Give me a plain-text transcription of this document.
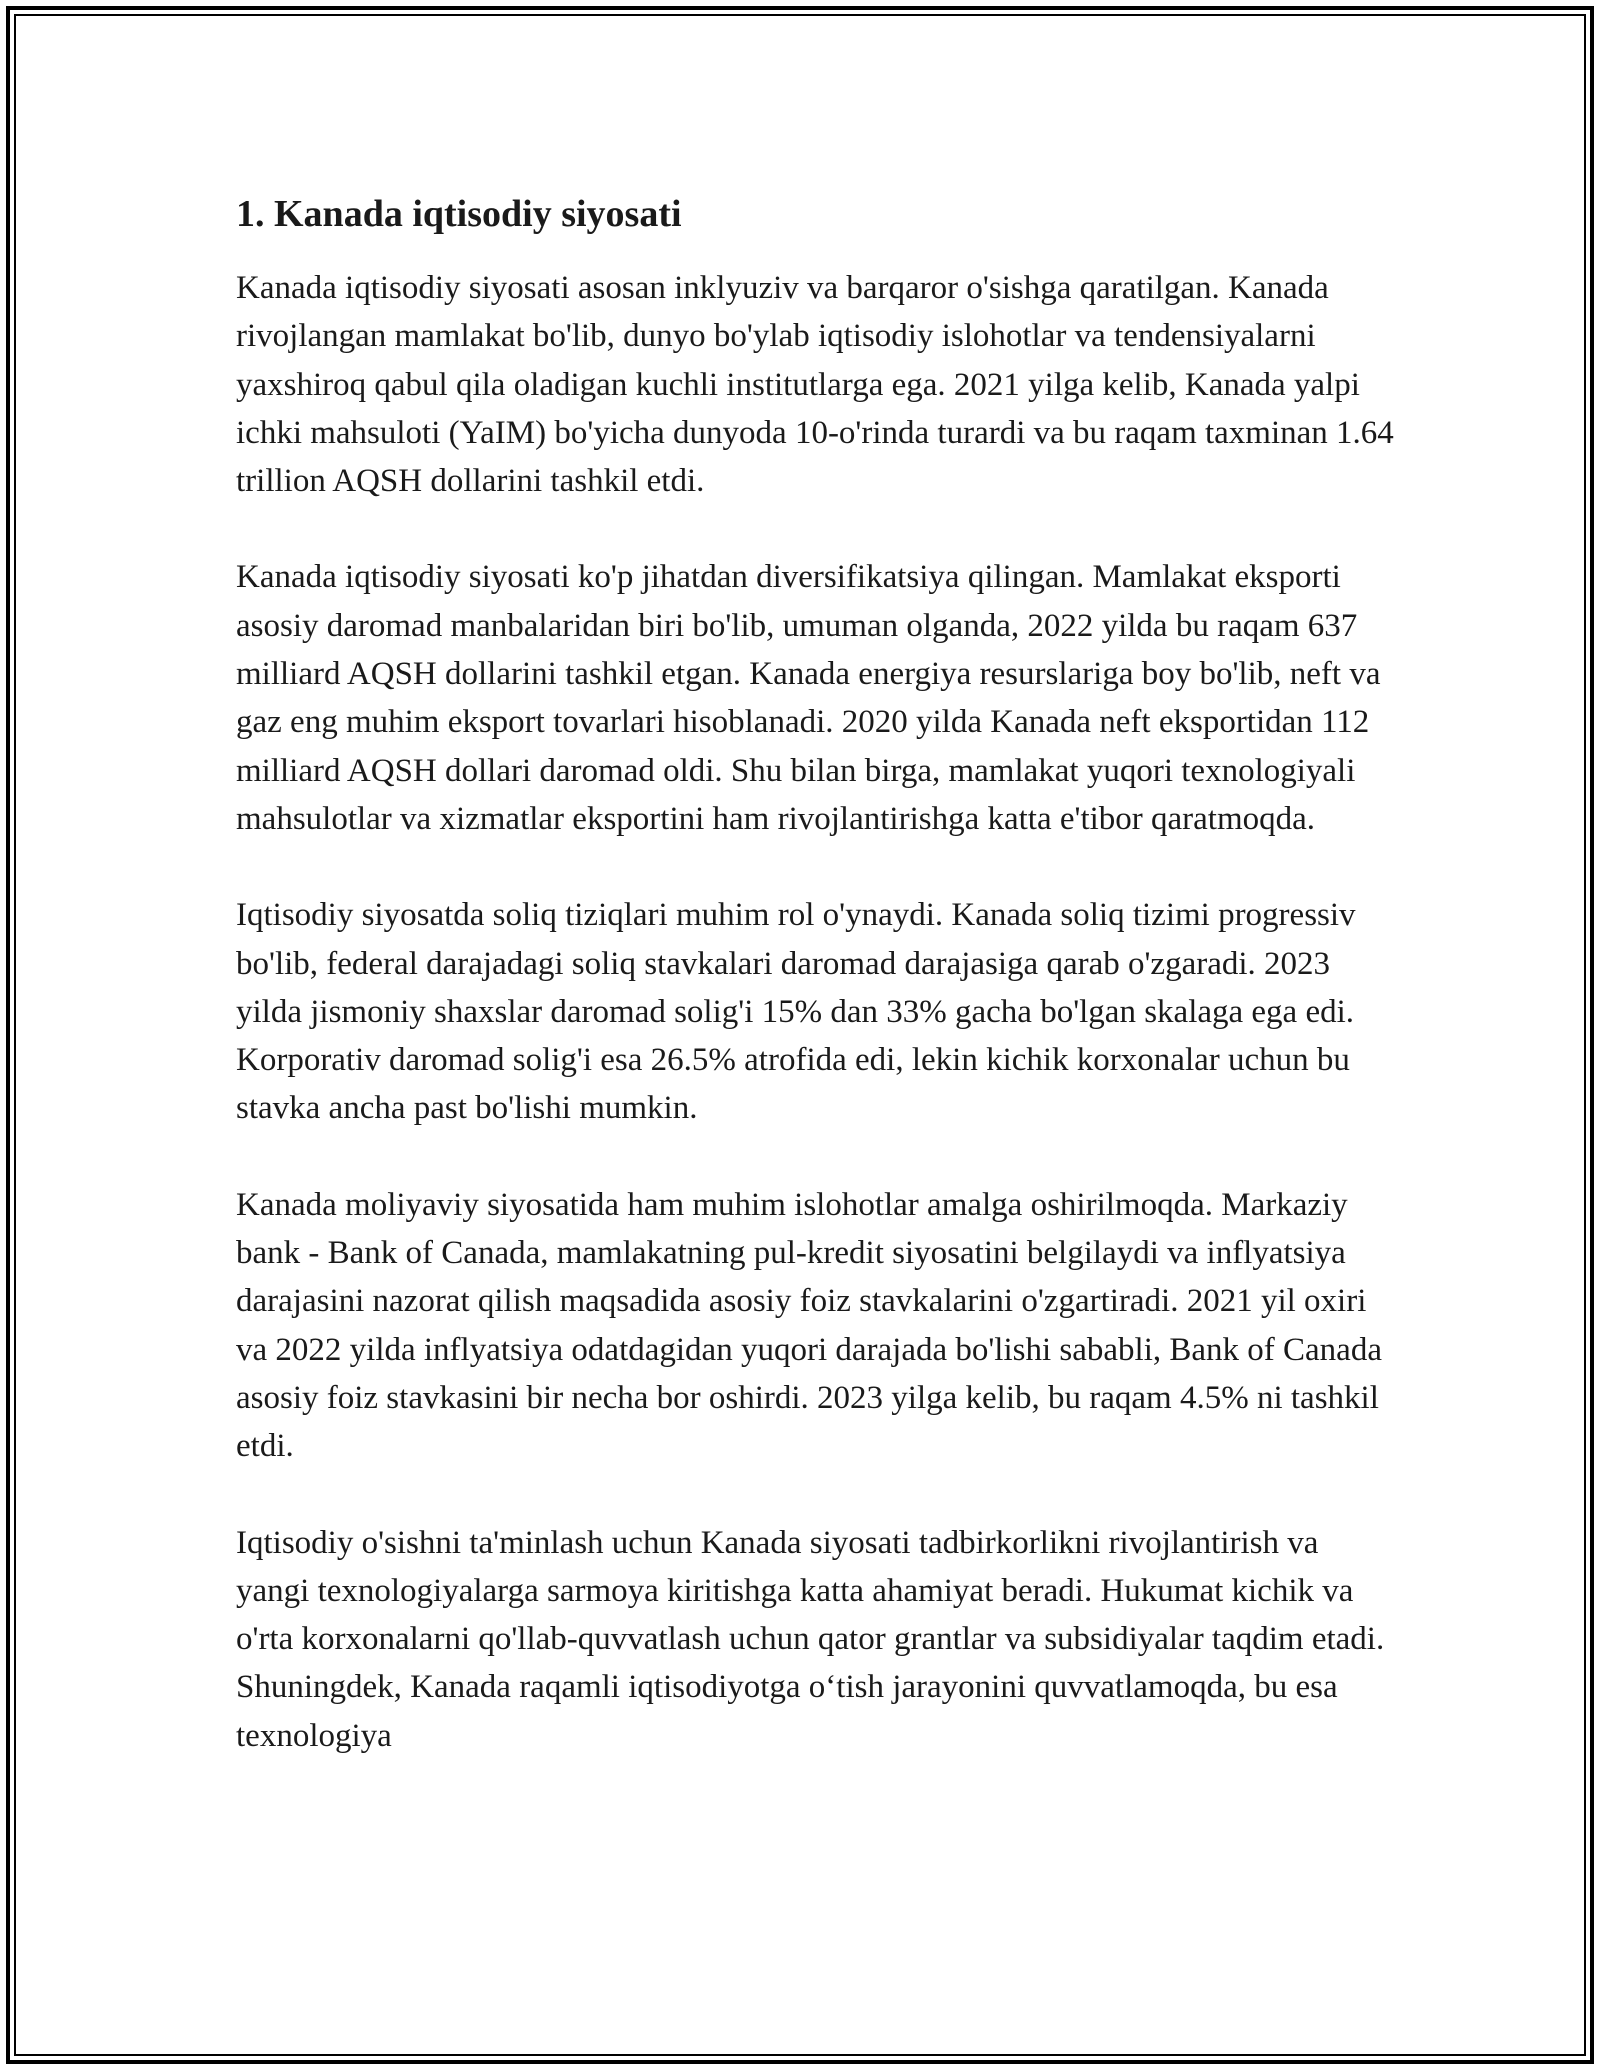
1. Kanada iqtisodiy siyosati

Kanada iqtisodiy siyosati asosan inklyuziv va barqaror o'sishga qaratilgan. Kanada rivojlangan mamlakat bo'lib, dunyo bo'ylab iqtisodiy islohotlar va tendensiyalarni yaxshiroq qabul qila oladigan kuchli institutlarga ega. 2021 yilga kelib, Kanada yalpi ichki mahsuloti (YaIM) bo'yicha dunyoda 10-o'rinda turardi va bu raqam taxminan 1.64 trillion AQSH dollarini tashkil etdi.

Kanada iqtisodiy siyosati ko'p jihatdan diversifikatsiya qilingan. Mamlakat eksporti asosiy daromad manbalaridan biri bo'lib, umuman olganda, 2022 yilda bu raqam 637 milliard AQSH dollarini tashkil etgan. Kanada energiya resurslariga boy bo'lib, neft va gaz eng muhim eksport tovarlari hisoblanadi. 2020 yilda Kanada neft eksportidan 112 milliard AQSH dollari daromad oldi. Shu bilan birga, mamlakat yuqori texnologiyali mahsulotlar va xizmatlar eksportini ham rivojlantirishga katta e'tibor qaratmoqda.

Iqtisodiy siyosatda soliq tiziqlari muhim rol o'ynaydi. Kanada soliq tizimi progressiv bo'lib, federal darajadagi soliq stavkalari daromad darajasiga qarab o'zgaradi. 2023 yilda jismoniy shaxslar daromad solig'i 15% dan 33% gacha bo'lgan skalaga ega edi. Korporativ daromad solig'i esa 26.5% atrofida edi, lekin kichik korxonalar uchun bu stavka ancha past bo'lishi mumkin.

Kanada moliyaviy siyosatida ham muhim islohotlar amalga oshirilmoqda. Markaziy bank - Bank of Canada, mamlakatning pul-kredit siyosatini belgilaydi va inflyatsiya darajasini nazorat qilish maqsadida asosiy foiz stavkalarini o'zgartiradi. 2021 yil oxiri va 2022 yilda inflyatsiya odatdagidan yuqori darajada bo'lishi sababli, Bank of Canada asosiy foiz stavkasini bir necha bor oshirdi. 2023 yilga kelib, bu raqam 4.5% ni tashkil etdi.

Iqtisodiy o'sishni ta'minlash uchun Kanada siyosati tadbirkorlikni rivojlantirish va yangi texnologiyalarga sarmoya kiritishga katta ahamiyat beradi. Hukumat kichik va o'rta korxonalarni qo'llab-quvvatlash uchun qator grantlar va subsidiyalar taqdim etadi. Shuningdek, Kanada raqamli iqtisodiyotga o‘tish jarayonini quvvatlamoqda, bu esa texnologiya
